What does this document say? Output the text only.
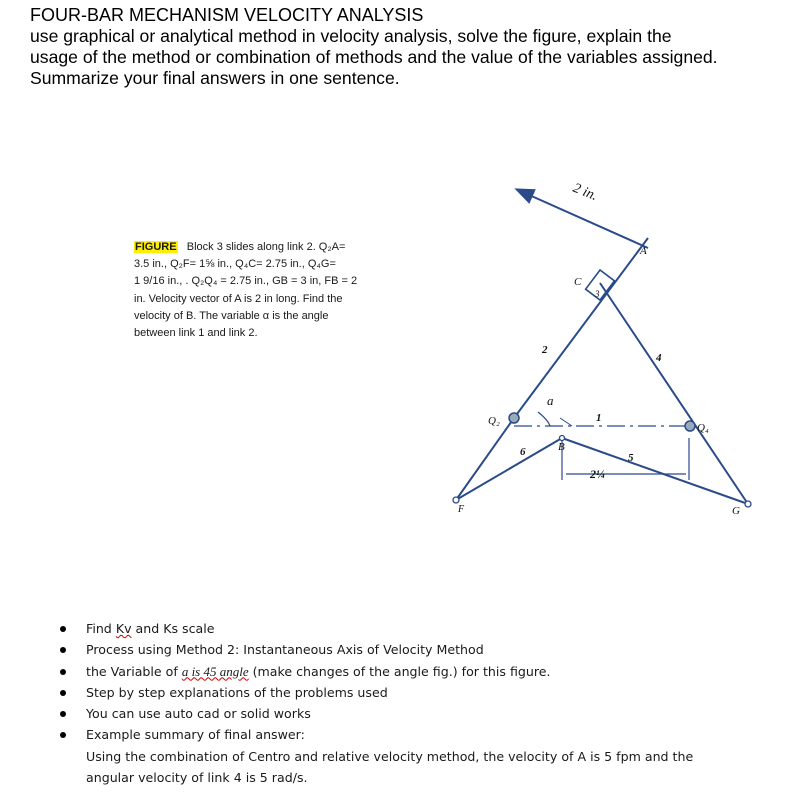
FOUR-BAR MECHANISM VELOCITY ANALYSIS
use graphical or analytical method in velocity analysis, solve the figure, explain the
usage of the method or combination of methods and the value of the variables assigned.
Summarize your final answers in one sentence.
FIGURE Block 3 slides along link 2. Q₂A=
3.5 in., Q₂F= 1⅝ in., Q₄C= 2.75 in., Q₄G=
1 9/16 in., . Q₂Q₄ = 2.75 in., GB = 3 in, FB = 2
in. Velocity vector of A is 2 in long. Find the
velocity of B. The variable α is the angle
between link 1 and link 2.
2 in.
A
C
3
2
4
a
1
Q₂
Q₄
6	B
5
2¼
F	G
Find Kv and Ks scale
Process using Method 2: Instantaneous Axis of Velocity Method
the Variable of a is 45 angle (make changes of the angle fig.) for this figure.
Step by step explanations of the problems used
You can use auto cad or solid works
Example summary of final answer:
Using the combination of Centro and relative velocity method, the velocity of A is 5 fpm and the
angular velocity of link 4 is 5 rad/s.
